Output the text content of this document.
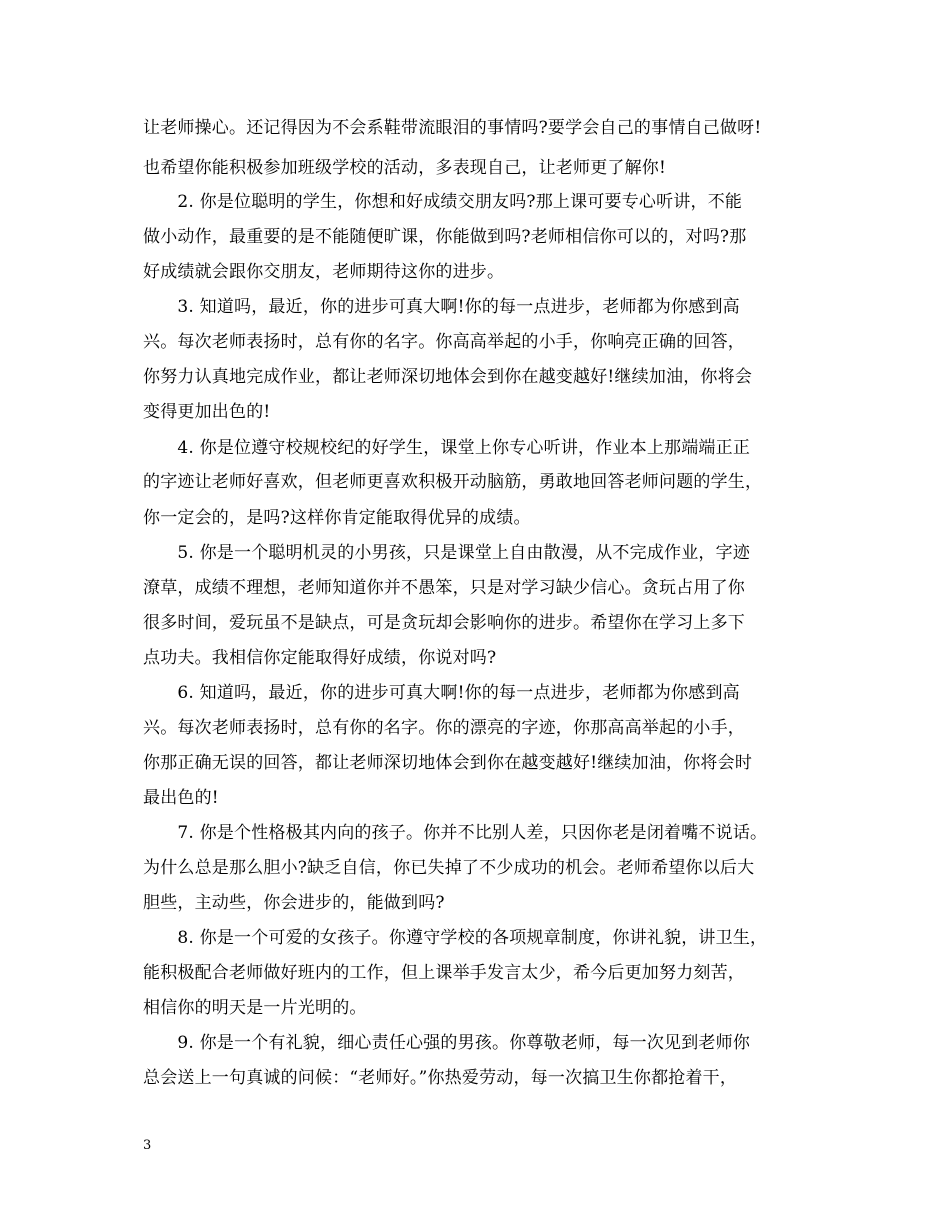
让老师操心。还记得因为不会系鞋带流眼泪的事情吗?要学会自己的事情自己做呀!
也希望你能积极参加班级学校的活动，多表现自己，让老师更了解你!
　　2. 你是位聪明的学生，你想和好成绩交朋友吗?那上课可要专心听讲，不能
做小动作，最重要的是不能随便旷课，你能做到吗?老师相信你可以的，对吗?那
好成绩就会跟你交朋友，老师期待这你的进步。
　　3. 知道吗，最近，你的进步可真大啊!你的每一点进步，老师都为你感到高
兴。每次老师表扬时，总有你的名字。你高高举起的小手，你响亮正确的回答，
你努力认真地完成作业，都让老师深切地体会到你在越变越好!继续加油，你将会
变得更加出色的!
　　4. 你是位遵守校规校纪的好学生，课堂上你专心听讲，作业本上那端端正正
的字迹让老师好喜欢，但老师更喜欢积极开动脑筋，勇敢地回答老师问题的学生，
你一定会的，是吗?这样你肯定能取得优异的成绩。
　　5. 你是一个聪明机灵的小男孩，只是课堂上自由散漫，从不完成作业，字迹
潦草，成绩不理想，老师知道你并不愚笨，只是对学习缺少信心。贪玩占用了你
很多时间，爱玩虽不是缺点，可是贪玩却会影响你的进步。希望你在学习上多下
点功夫。我相信你定能取得好成绩，你说对吗?
　　6. 知道吗，最近，你的进步可真大啊!你的每一点进步，老师都为你感到高
兴。每次老师表扬时，总有你的名字。你的漂亮的字迹，你那高高举起的小手，
你那正确无误的回答，都让老师深切地体会到你在越变越好!继续加油，你将会时
最出色的!
　　7. 你是个性格极其内向的孩子。你并不比别人差，只因你老是闭着嘴不说话。
为什么总是那么胆小?缺乏自信，你已失掉了不少成功的机会。老师希望你以后大
胆些，主动些，你会进步的，能做到吗?
　　8. 你是一个可爱的女孩子。你遵守学校的各项规章制度，你讲礼貌，讲卫生，
能积极配合老师做好班内的工作，但上课举手发言太少，希今后更加努力刻苦，
相信你的明天是一片光明的。
　　9. 你是一个有礼貌，细心责任心强的男孩。你尊敬老师，每一次见到老师你
总会送上一句真诚的问候：“老师好。”你热爱劳动，每一次搞卫生你都抢着干，
3
